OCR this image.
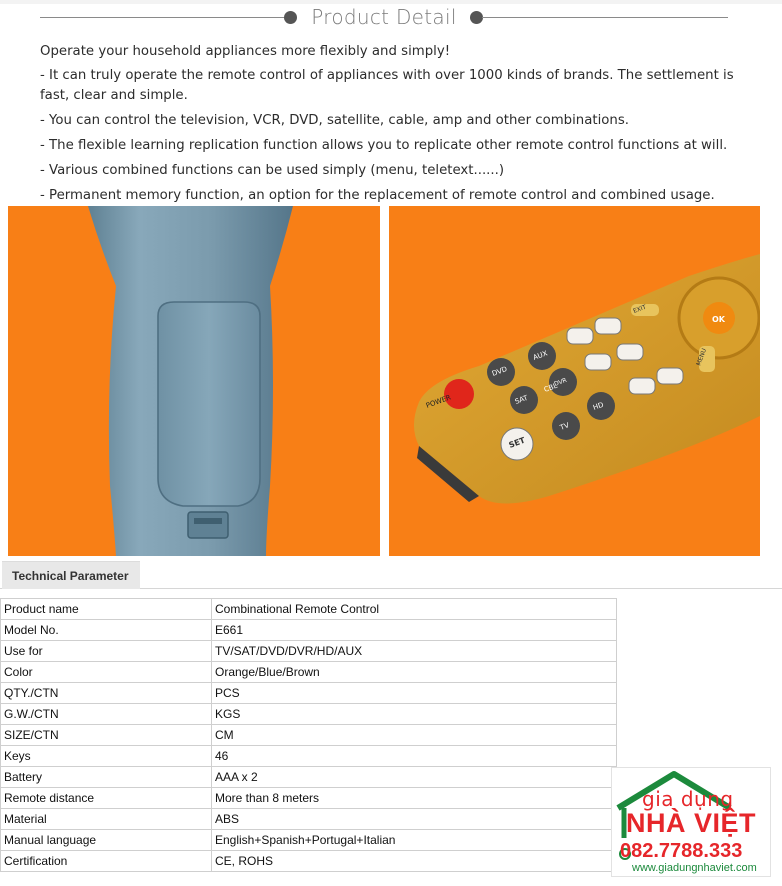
Product Detail

Operate your household appliances more flexibly and simply!

- It can truly operate the remote control of appliances with over 1000 kinds of brands. The settlement is fast, clear and simple.

- You can control the television, VCR, DVD, satellite, cable, amp and other combinations.

- The flexible learning replication function allows you to replicate other remote control functions at will.

- Various combined functions can be used simply (menu, teletext......)

- Permanent memory function, an option for the replacement of remote control and combined usage.

POWER
SET
DVD
SAT
TV
AUX
CBL
HD
DVR
MENU
EXIT
OK
Technical Parameter
Product name	Combinational Remote Control
Model No.	E661
Use for	TV/SAT/DVD/DVR/HD/AUX
Color	Orange/Blue/Brown
QTY./CTN	PCS
G.W./CTN	KGS
SIZE/CTN	CM
Keys	46
Battery	AAA x 2
Remote distance	More than 8 meters
Material	ABS
Manual language	English+Spanish+Portugal+Italian
Certification	CE, ROHS
gia dụng
NHÀ VIỆT
082.7788.333
www.giadungnhaviet.com
